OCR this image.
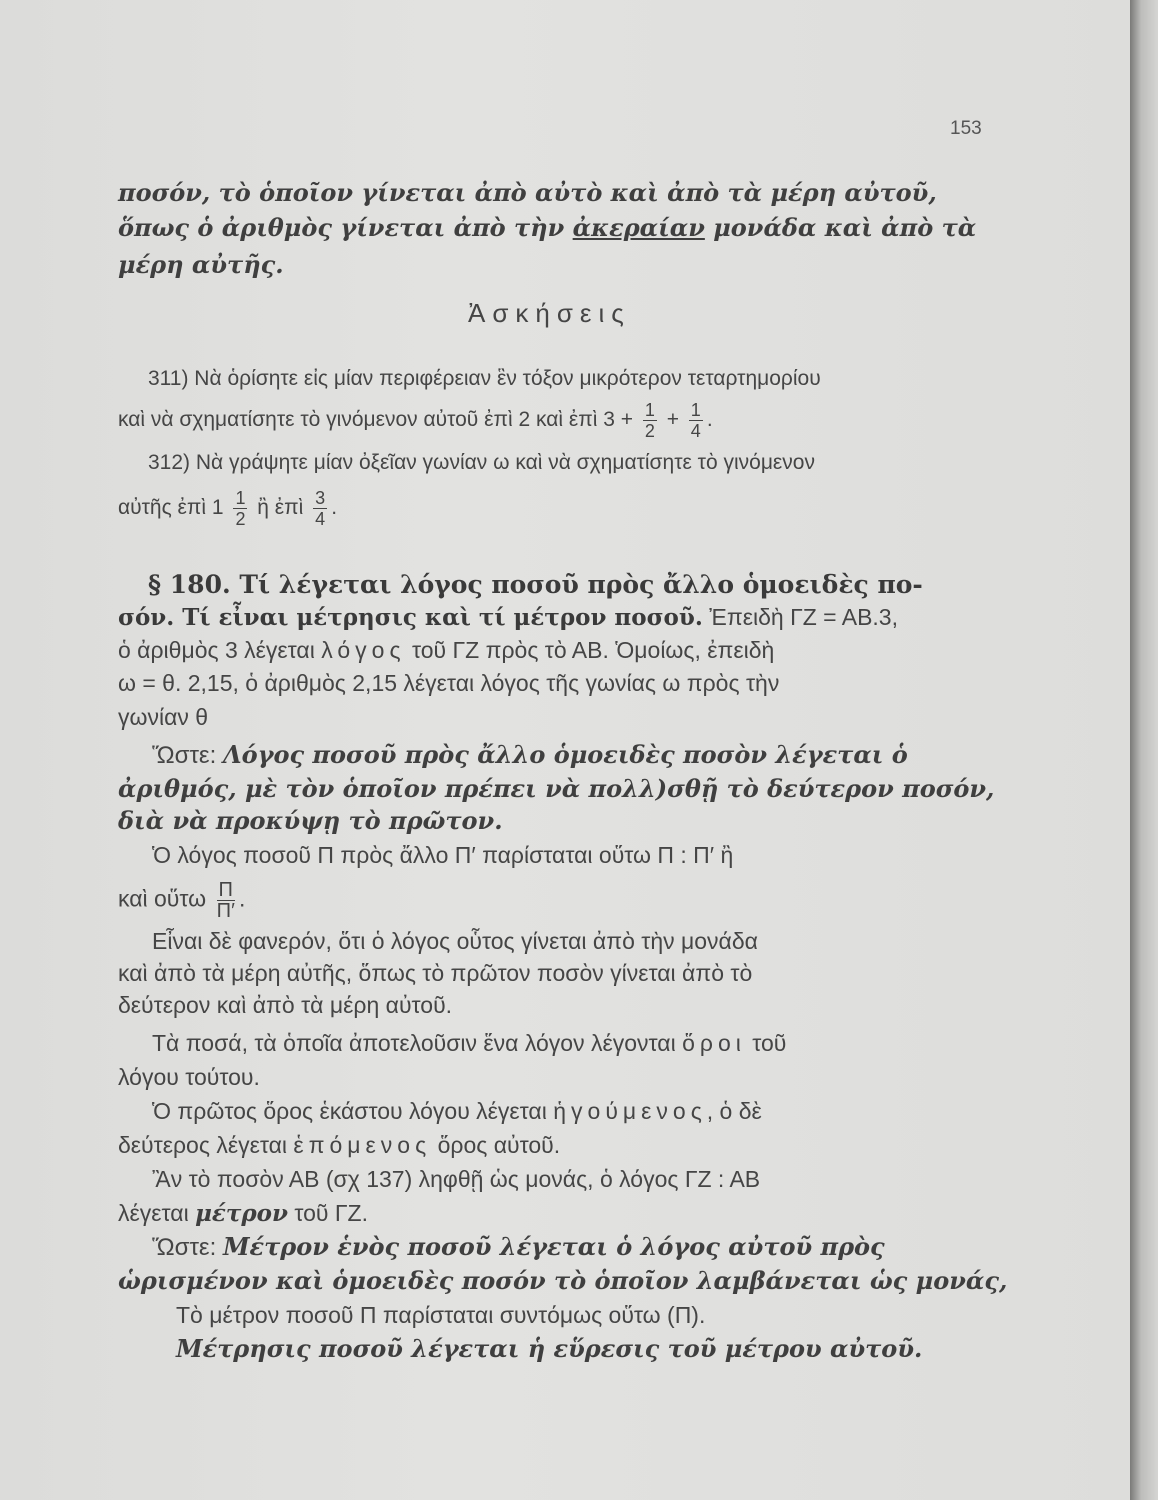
153
ποσόν, τὸ ὁποῖον γίνεται ἀπὸ αὐτὸ καὶ ἀπὸ τὰ μέρη αὐτοῦ,
ὅπως ὁ ἀριθμὸς γίνεται ἀπὸ τὴν ἀκεραίαν μονάδα καὶ ἀπὸ τὰ
μέρη αὐτῆς.
Ἀσκήσεις
311) Νὰ ὁρίσητε εἰς μίαν περιφέρειαν ἓν τόξον μικρότερον τεταρτημορίου
καὶ νὰ σχηματίσητε τὸ γινόμενον αὐτοῦ ἐπὶ 2 καὶ ἐπὶ $3 + \frac{1}{2} + \frac{1}{4}$ .
312) Νὰ γράψητε μίαν ὀξεῖαν γωνίαν ω καὶ νὰ σχηματίσητε τὸ γινόμενον
αὐτῆς ἐπὶ $1 \frac{1}{2}$ ἢ ἐπὶ $\frac{3}{4}$ .
§ 180. Τί λέγεται λόγος ποσοῦ πρὸς ἄλλο ὁμοειδὲς πο-
σόν. Τί εἶναι μέτρησις καὶ τί μέτρον ποσοῦ. Ἐπειδὴ ΓΖ = ΑΒ.3,
ὁ ἀριθμὸς 3 λέγεται λόγος τοῦ ΓΖ πρὸς τὸ ΑΒ. Ὁμοίως, ἐπειδὴ
ω = θ. 2,15, ὁ ἀριθμὸς 2,15 λέγεται λόγος τῆς γωνίας ω πρὸς τὴν
γωνίαν θ
Ὥστε: Λόγος ποσοῦ πρὸς ἄλλο ὁμοειδὲς ποσὸν λέγεται ὁ
ἀριθμός, μὲ τὸν ὁποῖον πρέπει νὰ πολλ)σθῇ τὸ δεύτερον ποσόν,
διὰ νὰ προκύψῃ τὸ πρῶτον.
Ὁ λόγος ποσοῦ Π πρὸς ἄλλο Π′ παρίσταται οὕτω Π : Π′ ἢ
καὶ οὕτω $\frac{\Pi}{\Pi'}$ .
Εἶναι δὲ φανερόν, ὅτι ὁ λόγος οὗτος γίνεται ἀπὸ τὴν μονάδα
καὶ ἀπὸ τὰ μέρη αὐτῆς, ὅπως τὸ πρῶτον ποσὸν γίνεται ἀπὸ τὸ
δεύτερον καὶ ἀπὸ τὰ μέρη αὐτοῦ.
Τὰ ποσά, τὰ ὁποῖα ἀποτελοῦσιν ἕνα λόγον λέγονται ὅροι τοῦ
λόγου τούτου.
Ὁ πρῶτος ὅρος ἑκάστου λόγου λέγεται ἡγούμενος, ὁ δὲ
δεύτερος λέγεται ἑπόμενος ὅρος αὐτοῦ.
Ἂν τὸ ποσὸν ΑΒ (σχ 137) ληφθῇ ὡς μονάς, ὁ λόγος ΓΖ : ΑΒ
λέγεται μέτρον τοῦ ΓΖ.
Ὥστε: Μέτρον ἑνὸς ποσοῦ λέγεται ὁ λόγος αὐτοῦ πρὸς
ὡρισμένον καὶ ὁμοειδὲς ποσόν τὸ ὁποῖον λαμβάνεται ὡς μονάς,
Τὸ μέτρον ποσοῦ Π παρίσταται συντόμως οὕτω (Π).
Μέτρησις ποσοῦ λέγεται ἡ εὕρεσις τοῦ μέτρου αὐτοῦ.
